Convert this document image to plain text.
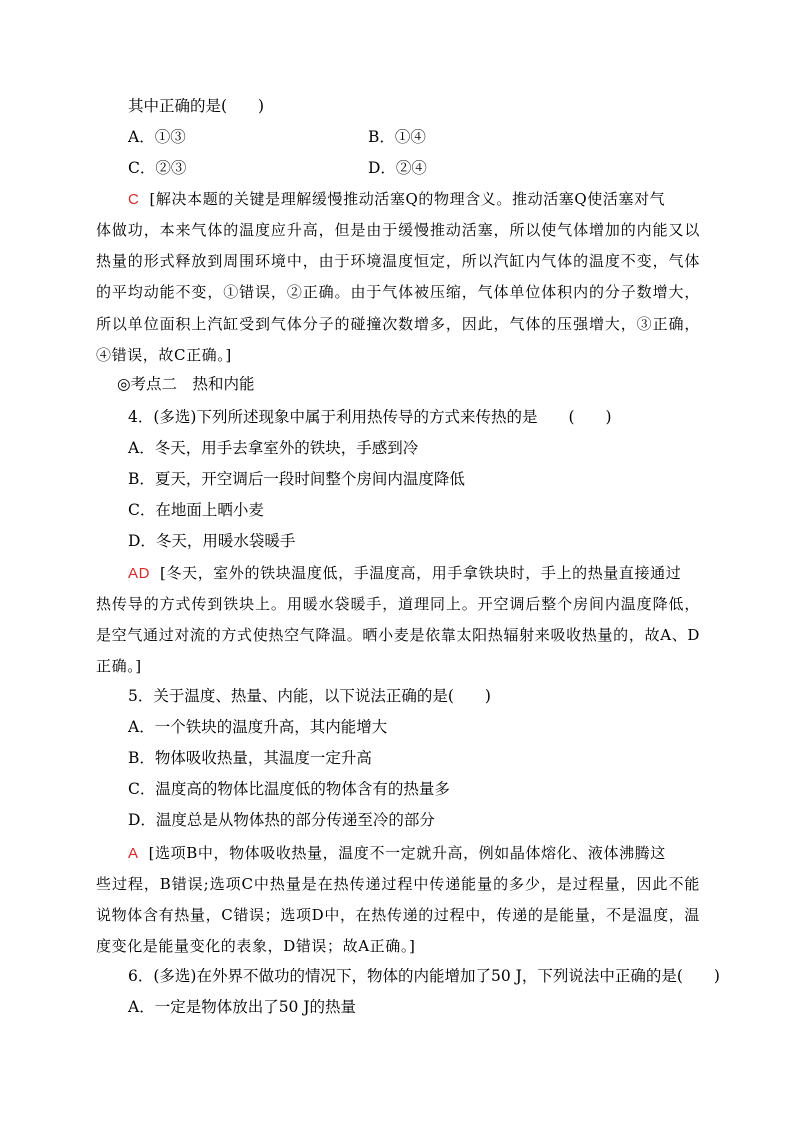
其中正确的是(　　)
A．①③	B．①④
C．②③	D．②④
C [解决本题的关键是理解缓慢推动活塞Q的物理含义。推动活塞Q使活塞对气
体做功，本来气体的温度应升高，但是由于缓慢推动活塞，所以使气体增加的内能又以热量的形式释放到周围环境中，由于环境温度恒定，所以汽缸内气体的温度不变，气体的平均动能不变，①错误，②正确。由于气体被压缩，气体单位体积内的分子数增大，所以单位面积上汽缸受到气体分子的碰撞次数增多，因此，气体的压强增大，③正确，④错误，故C正确。]
◎考点二　热和内能
4．(多选)下列所述现象中属于利用热传导的方式来传热的是　　(　　)
A．冬天，用手去拿室外的铁块，手感到冷
B．夏天，开空调后一段时间整个房间内温度降低
C．在地面上晒小麦
D．冬天，用暖水袋暖手
AD [冬天，室外的铁块温度低，手温度高，用手拿铁块时，手上的热量直接通过
热传导的方式传到铁块上。用暖水袋暖手，道理同上。开空调后整个房间内温度降低，是空气通过对流的方式使热空气降温。晒小麦是依靠太阳热辐射来吸收热量的，故A、D正确。]
5．关于温度、热量、内能，以下说法正确的是(　　)
A．一个铁块的温度升高，其内能增大
B．物体吸收热量，其温度一定升高
C．温度高的物体比温度低的物体含有的热量多
D．温度总是从物体热的部分传递至冷的部分
A [选项B中，物体吸收热量，温度不一定就升高，例如晶体熔化、液体沸腾这
些过程，B错误;选项C中热量是在热传递过程中传递能量的多少，是过程量，因此不能说物体含有热量，C错误；选项D中，在热传递的过程中，传递的是能量，不是温度，温度变化是能量变化的表象，D错误；故A正确。]
6．(多选)在外界不做功的情况下，物体的内能增加了50 J，下列说法中正确的是(　　)
A．一定是物体放出了50 J的热量
